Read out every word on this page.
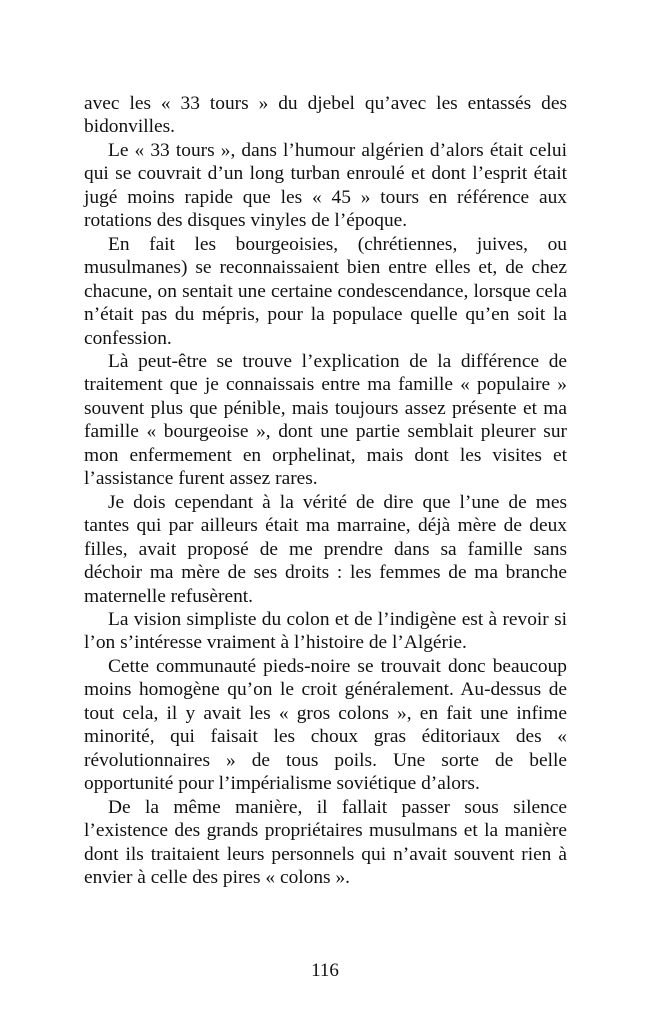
avec les « 33 tours » du djebel qu’avec les entassés des bidonvilles.

Le « 33 tours », dans l’humour algérien d’alors était celui qui se couvrait d’un long turban enroulé et dont l’esprit était jugé moins rapide que les « 45 » tours en référence aux rotations des disques vinyles de l’époque.

En fait les bourgeoisies, (chrétiennes, juives, ou musulmanes) se reconnaissaient bien entre elles et, de chez chacune, on sentait une certaine condescendance, lorsque cela n’était pas du mépris, pour la populace quelle qu’en soit la confession.

Là peut-être se trouve l’explication de la différence de traitement que je connaissais entre ma famille « populaire » souvent plus que pénible, mais toujours assez présente et ma famille « bourgeoise », dont une partie semblait pleurer sur mon enfermement en orphelinat, mais dont les visites et l’assistance furent assez rares.

Je dois cependant à la vérité de dire que l’une de mes tantes qui par ailleurs était ma marraine, déjà mère de deux filles, avait proposé de me prendre dans sa famille sans déchoir ma mère de ses droits : les femmes de ma branche maternelle refusèrent.

La vision simpliste du colon et de l’indigène est à revoir si l’on s’intéresse vraiment à l’histoire de l’Algérie.

Cette communauté pieds-noire se trouvait donc beaucoup moins homogène qu’on le croit généralement. Au-dessus de tout cela, il y avait les « gros colons », en fait une infime minorité, qui faisait les choux gras éditoriaux des « révolutionnaires » de tous poils. Une sorte de belle opportunité pour l’impérialisme soviétique d’alors.

De la même manière, il fallait passer sous silence l’existence des grands propriétaires musulmans et la manière dont ils traitaient leurs personnels qui n’avait souvent rien à envier à celle des pires « colons ».

116
